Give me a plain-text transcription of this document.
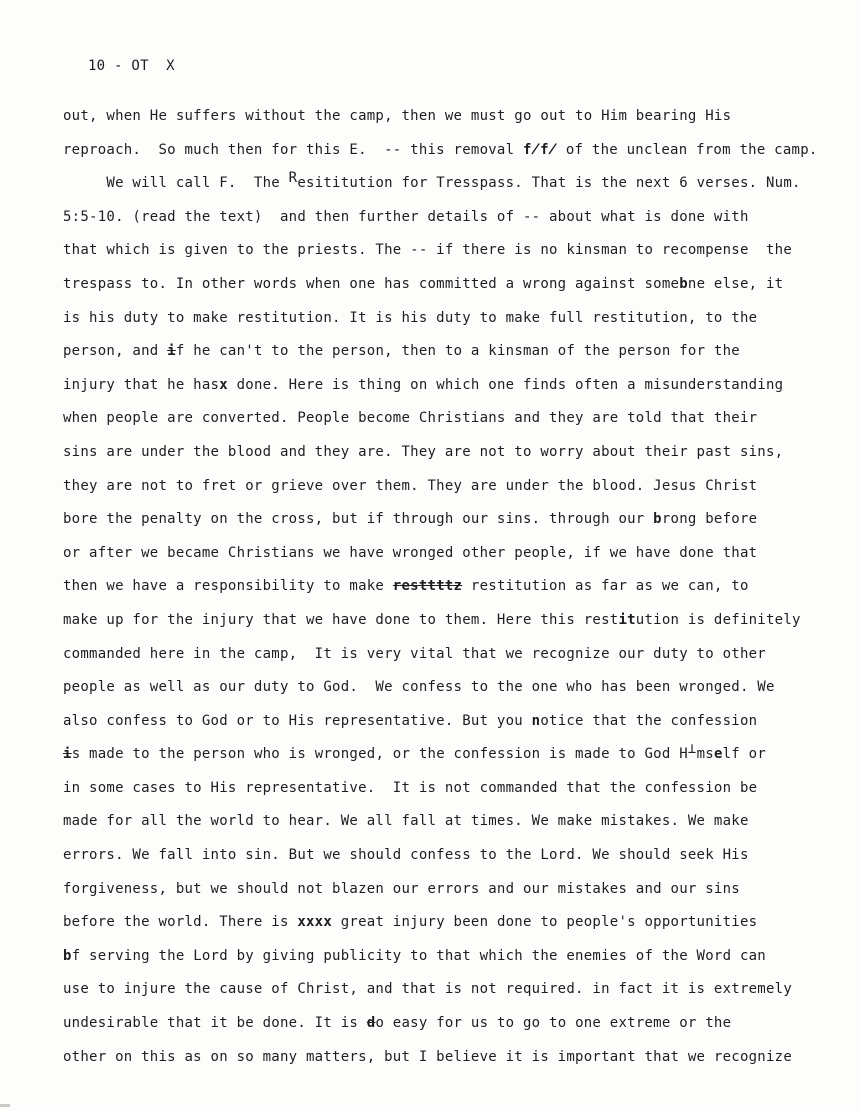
10 - OT  X
out, when He suffers without the camp, then we must go out to Him bearing His
reproach.  So much then for this E.  -- this removal f̸f̸ of the unclean from the camp.
We will call F.  The Resititution for Tresspass. That is the next 6 verses. Num.
5:5-10. (read the text)  and then further details of -- about what is done with
that which is given to the priests. The -- if there is no kinsman to recompense  the
trespass to. In other words when one has committed a wrong against somebne else, it
is his duty to make restitution. It is his duty to make full restitution, to the
person, and if he can't to the person, then to a kinsman of the person for the
injury that he hasx done. Here is thing on which one finds often a misunderstanding
when people are converted. People become Christians and they are told that their
sins are under the blood and they are. They are not to worry about their past sins,
they are not to fret or grieve over them. They are under the blood. Jesus Christ
bore the penalty on the cross, but if through our sins. through our brong before
or after we became Christians we have wronged other people, if we have done that
then we have a responsibility to make resttttz restitution as far as we can, to
make up for the injury that we have done to them. Here this restitution is definitely
commanded here in the camp,  It is very vital that we recognize our duty to other
people as well as our duty to God.  We confess to the one who has been wronged. We
also confess to God or to His representative. But you notice that the confession
is made to the person who is wronged, or the confession is made to God H⊥mself or
in some cases to His representative.  It is not commanded that the confession be
made for all the world to hear. We all fall at times. We make mistakes. We make
errors. We fall into sin. But we should confess to the Lord. We should seek His
forgiveness, but we should not blazen our errors and our mistakes and our sins
before the world. There is xxxx great injury been done to people's opportunities
bf serving the Lord by giving publicity to that which the enemies of the Word can
use to injure the cause of Christ, and that is not required. in fact it is extremely
undesirable that it be done. It is do easy for us to go to one extreme or the
other on this as on so many matters, but I believe it is important that we recognize
